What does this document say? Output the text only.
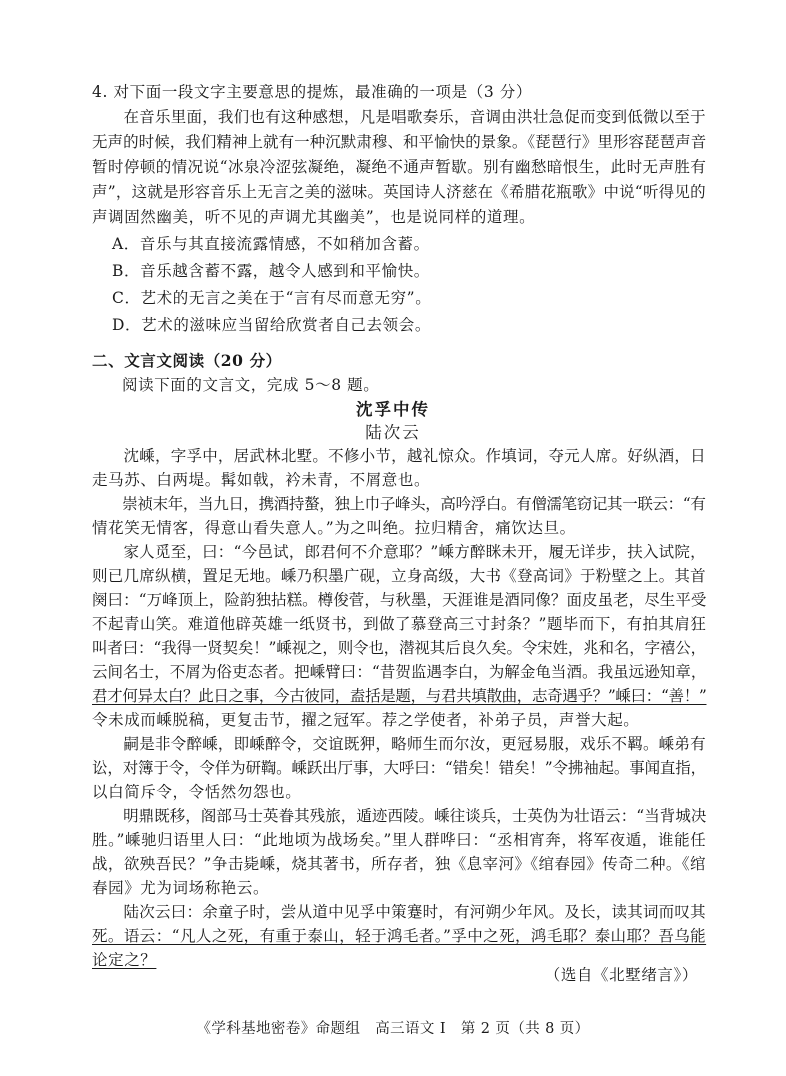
4. 对下面一段文字主要意思的提炼，最准确的一项是（3 分）
　　在音乐里面，我们也有这种感想，凡是唱歌奏乐，音调由洪壮急促而变到低微以至于
无声的时候，我们精神上就有一种沉默肃穆、和平愉快的景象。《琵琶行》里形容琵琶声音
暂时停顿的情况说“冰泉冷涩弦凝绝，凝绝不通声暂歇。别有幽愁暗恨生，此时无声胜有
声”，这就是形容音乐上无言之美的滋味。英国诗人济慈在《希腊花瓶歌》中说“听得见的
声调固然幽美，听不见的声调尤其幽美”，也是说同样的道理。
A．音乐与其直接流露情感，不如稍加含蓄。
B．音乐越含蓄不露，越令人感到和平愉快。
C．艺术的无言之美在于“言有尽而意无穷”。
D．艺术的滋味应当留给欣赏者自己去领会。
二、文言文阅读（20 分）
阅读下面的文言文，完成 5～8 题。
沈孚中传
陆次云
　　沈嵊，字孚中，居武林北墅。不修小节，越礼惊众。作填词，夺元人席。好纵酒，日
走马苏、白两堤。髯如戟，衿未青，不屑意也。
　　崇祯末年，当九日，携酒持螯，独上巾子峰头，高吟浮白。有僧濡笔窃记其一联云：“有
情花笑无情客，得意山看失意人。”为之叫绝。拉归精舍，痛饮达旦。
　　家人觅至，曰：“今邑试，郎君何不介意耶？”嵊方醉眯未开，履无详步，扶入试院，
则已几席纵横，置足无地。嵊乃积墨广砚，立身高级，大书《登高词》于粉壁之上。其首
阕曰：“万峰顶上，险韵独拈糕。樽俊菅，与秋墨，天涯谁是酒同像？面皮虽老，尽生平受
不起青山笑。难道他辟英雄一纸贤书，到做了慕登高三寸封条？”题毕而下，有拍其肩狂
叫者曰：“我得一贤契矣！”嵊视之，则令也，潜视其后良久矣。令宋姓，兆和名，字禧公，
云间名士，不屑为俗吏态者。把嵊臂曰：“昔贺监遇李白，为解金龟当酒。我虽远逊知章，
君才何异太白？此日之事，今古彼同，盍括是题，与君共填散曲，志奇遇乎？”嵊曰：“善！”
令未成而嵊脱稿，更复击节，擢之冠军。荐之学使者，补弟子员，声誉大起。
　　嗣是非令醉嵊，即嵊醉令，交谊既狎，略师生而尔汝，更冠易服，戏乐不羁。嵊弟有
讼，对簿于令，令佯为研鞫。嵊跃出厅事，大呼曰：“错矣！错矣！”令拂袖起。事闻直指，
以白简斥令，令恬然勿怨也。
　　明鼎既移，阁部马士英眷其残旅，遁迹西陵。嵊往谈兵，士英伪为壮语云：“当背城决
胜。”嵊驰归语里人曰：“此地顷为战场矣。”里人群哗曰：“丞相宵奔，将军夜遁，谁能任
战，欲殃吾民？”争击毙嵊，烧其著书，所存者，独《息宰河》《绾春园》传奇二种。《绾
春园》尤为词场称艳云。
　　陆次云曰：余童子时，尝从道中见孚中策蹇时，有河朔少年风。及长，读其词而叹其
死。语云：“凡人之死，有重于泰山，轻于鸿毛者。”孚中之死，鸿毛耶？泰山耶？吾乌能
论定之？
（选自《北墅绪言》）
《学科基地密卷》命题组　高三语文 I　第 2 页（共 8 页）
